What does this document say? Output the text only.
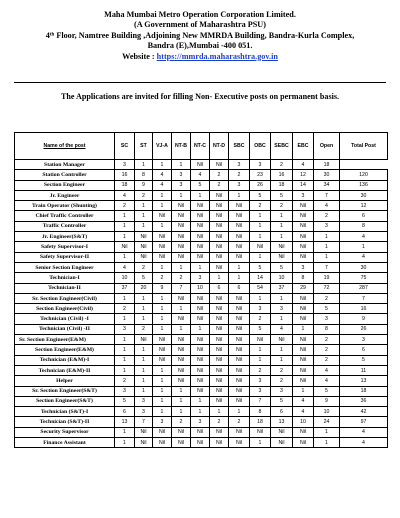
Maha Mumbai Metro Operation Corporation Limited.
(A Government of Maharashtra PSU)
4th Floor, Namtree Building ,Adjoining New MMRDA Building, Bandra-Kurla Complex,
Bandra (E),Mumbai -400 051.
Website : https://mmrda.maharashtra.gov.in
The Applications are invited for filling Non- Executive posts on permanent basis.
Name of the post	SC	ST	VJ-A	NT-B	NT-C	NT-D	SBC	OBC	SEBC	EBC	Open	Total Post
Station Manager	3	1	1	1	Nil	Nil	3	3	2	4	18	
Station Controller	16	8	4	3	4	2	2	23	16	12	30	120
Section Engineer	18	9	4	3	5	2	3	26	18	14	34	136
Jr. Engineer	4	2	1	1	1	Nil	1	5	5	3	7	30
Train Operator (Shunting)	2	1	1	Nil	Nil	Nil	Nil	2	2	Nil	4	12
Chief Traffic Controller	1	1	Nil	Nil	Nil	Nil	Nil	1	1	Nil	2	6
Traffic Controller	1	1	1	Nil	Nil	Nil	Nil	1	1	Nil	3	8
Jr. Engineer(S&T)	1	Nil	Nil	Nil	Nil	Nil	Nil	1	1	Nil	1	4
Safety Supervisor-I	Nil	Nil	Nil	Nil	Nil	Nil	Nil	Nil	Nil	Nil	1	1
Safety Supervisor-II	1	Nil	Nil	Nil	Nil	Nil	Nil	1	Nil	Nil	1	4
Senior Section Engineer	4	2	1	1	1	Nil	1	5	5	3	7	30
Technician-I	10	5	2	2	3	1	1	14	10	8	19	75
Technician-II	37	20	9	7	10	6	6	54	37	29	72	287
Sr. Section Engineer(Civil)	1	1	1	Nil	Nil	Nil	Nil	1	1	Nil	2	7
Section Engineer(Civil)	2	1	1	1	Nil	Nil	Nil	3	3	Nil	5	16
Technician (Civil) -I	1	1	1	Nil	Nil	Nil	Nil	2	1	Nil	3	9
Technician (Civil) -II	3	2	1	1	1	Nil	Nil	5	4	1	8	26
Sr. Section Engineer(E&M)	1	Nil	Nil	Nil	Nil	Nil	Nil	Nil	Nil	Nil	2	3
Section Engineer(E&M)	1	1	Nil	Nil	Nil	Nil	Nil	1	1	Nil	2	6
Technician (E&M)-I	1	1	Nil	Nil	Nil	Nil	Nil	1	1	Nil	2	5
Technician (E&M)-II	1	1	1	Nil	Nil	Nil	Nil	2	2	Nil	4	11
Helper	2	1	1	Nil	Nil	Nil	Nil	3	2	Nil	4	13
Sr. Section Engineer(S&T)	3	1	1	1	Nil	Nil	Nil	3	3	1	5	18
Section Engineer(S&T)	5	3	1	1	1	Nil	Nil	7	5	4	9	36
Technician (S&T)-I	6	3	1	1	1	1	1	8	6	4	10	42
Technician (S&T)-II	13	7	3	2	3	2	2	18	13	10	24	97
Security Supervisor	1	Nil	Nil	Nil	Nil	Nil	Nil	Nil	Nil	Nil	1	4
Finance Assistant	1	Nil	Nil	Nil	Nil	Nil	Nil	1	Nil	Nil	1	4
